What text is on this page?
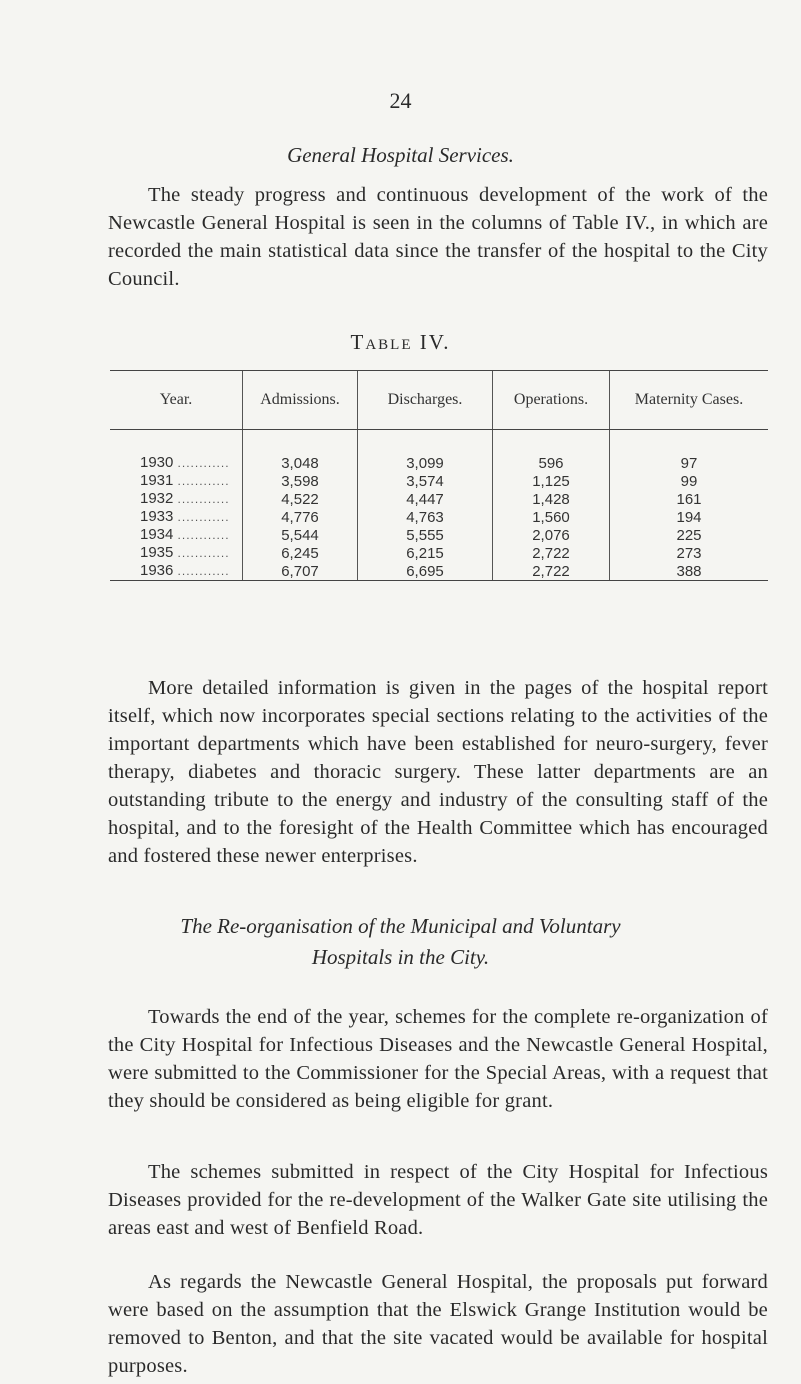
24
General Hospital Services.

The steady progress and continuous development of the work of the Newcastle General Hospital is seen in the columns of Table IV., in which are recorded the main statistical data since the transfer of the hospital to the City Council.

Table IV.
Year.	Admissions.	Discharges.	Operations.	Maternity Cases.
1930 ............	3,048	3,099	596	97
1931 ............	3,598	3,574	1,125	99
1932 ............	4,522	4,447	1,428	161
1933 ............	4,776	4,763	1,560	194
1934 ............	5,544	5,555	2,076	225
1935 ............	6,245	6,215	2,722	273
1936 ............	6,707	6,695	2,722	388

More detailed information is given in the pages of the hospital report itself, which now incorporates special sections relating to the activities of the important departments which have been established for neuro-surgery, fever therapy, diabetes and thoracic surgery. These latter departments are an outstanding tribute to the energy and industry of the consulting staff of the hospital, and to the foresight of the Health Committee which has encouraged and fostered these newer enterprises.

The Re-organisation of the Municipal and Voluntary
Hospitals in the City.

Towards the end of the year, schemes for the complete re-organization of the City Hospital for Infectious Diseases and the Newcastle General Hospital, were submitted to the Commissioner for the Special Areas, with a request that they should be considered as being eligible for grant.

The schemes submitted in respect of the City Hospital for Infectious Diseases provided for the re-development of the Walker Gate site utilising the areas east and west of Benfield Road.

As regards the Newcastle General Hospital, the proposals put forward were based on the assumption that the Elswick Grange Institution would be removed to Benton, and that the site vacated would be available for hospital purposes.
